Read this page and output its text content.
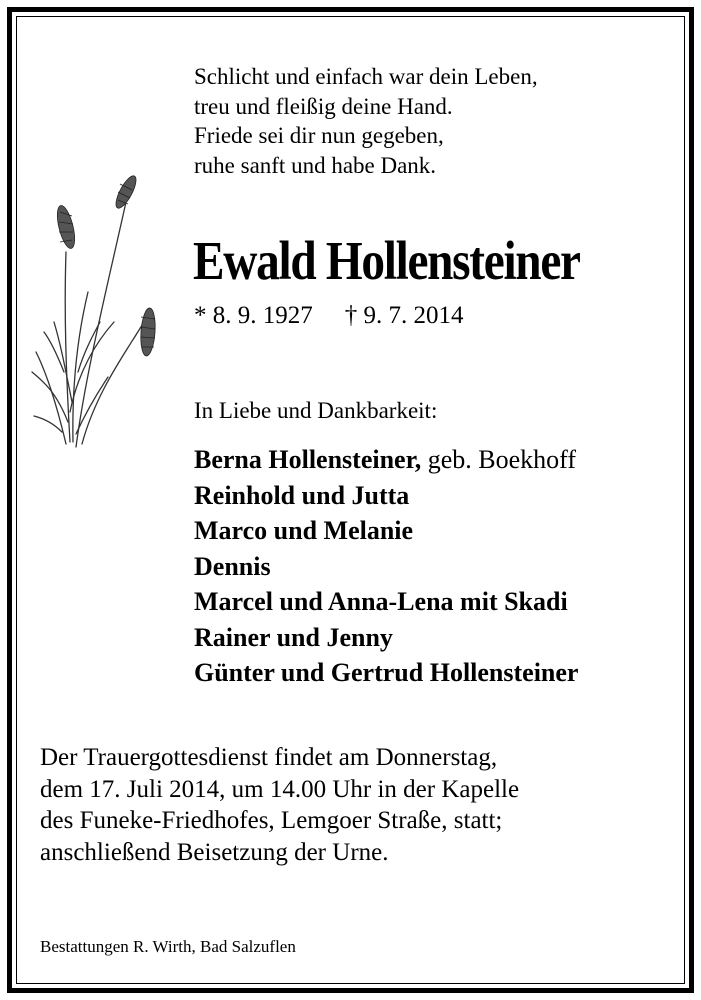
Schlicht und einfach war dein Leben,
treu und fleißig deine Hand.
Friede sei dir nun gegeben,
ruhe sanft und habe Dank.
Ewald Hollensteiner
* 8. 9. 1927 † 9. 7. 2014
In Liebe und Dankbarkeit:
Berna Hollensteiner, geb. Boekhoff
Reinhold und Jutta
Marco und Melanie
Dennis
Marcel und Anna-Lena mit Skadi
Rainer und Jenny
Günter und Gertrud Hollensteiner
Der Trauergottesdienst findet am Donnerstag,
dem 17. Juli 2014, um 14.00 Uhr in der Kapelle
des Funeke-Friedhofes, Lemgoer Straße, statt;
anschließend Beisetzung der Urne.
Bestattungen R. Wirth, Bad Salzuflen
